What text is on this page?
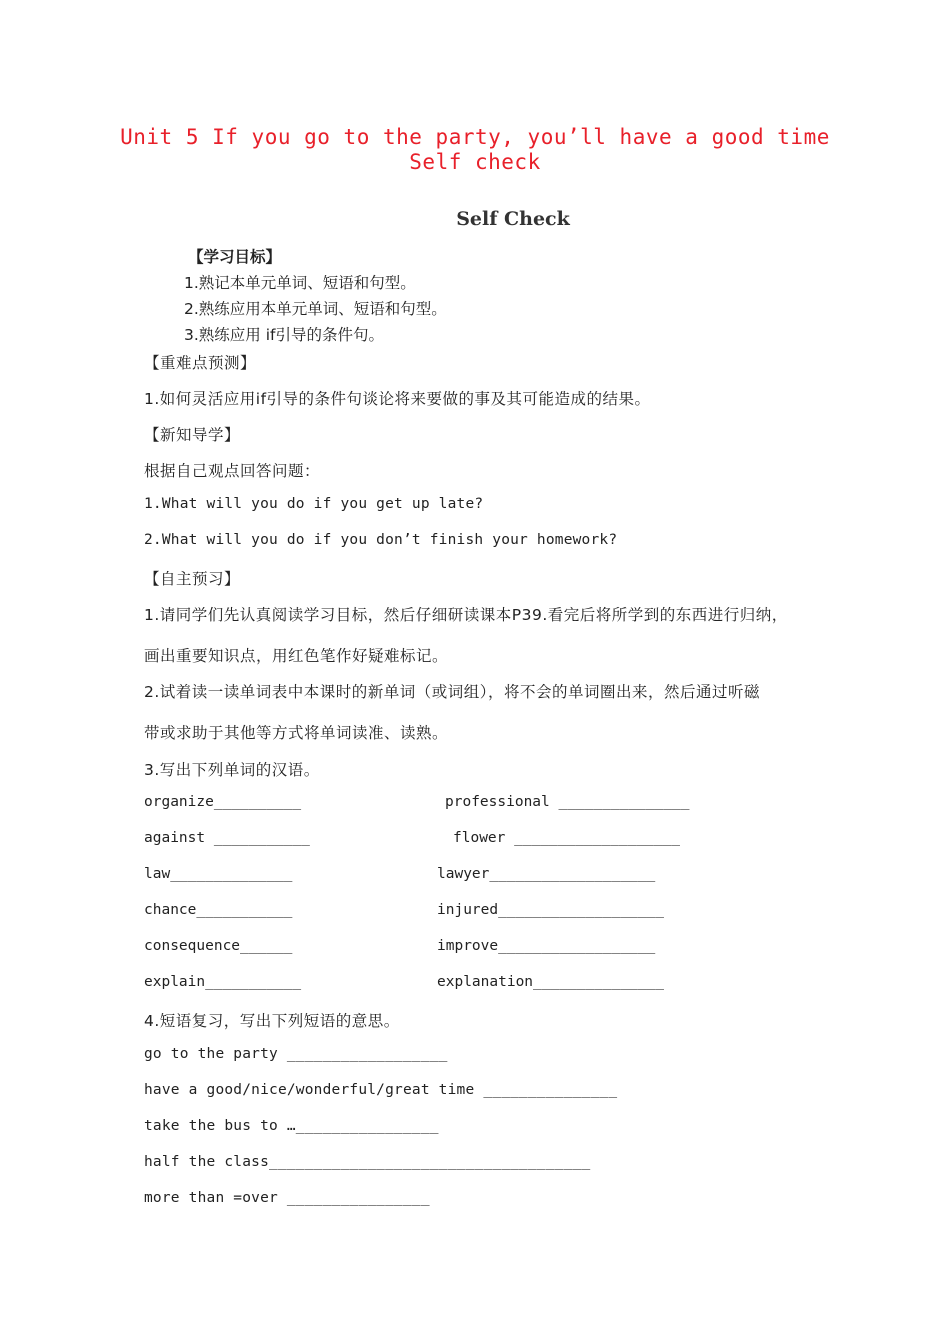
Unit 5 If you go to the party, you’ll have a good time
Self check
Self Check
【学习目标】
1.熟记本单元单词、短语和句型。
2.熟练应用本单元单词、短语和句型。
3.熟练应用 if引导的条件句。
【重难点预测】
1.如何灵活应用if引导的条件句谈论将来要做的事及其可能造成的结果。
【新知导学】
根据自己观点回答问题：
1.What will you do if you get up late?
2.What will you do if you don’t finish your homework?
【自主预习】
1.请同学们先认真阅读学习目标，然后仔细研读课本P39.看完后将所学到的东西进行归纳，
画出重要知识点，用红色笔作好疑难标记。
2.试着读一读单词表中本课时的新单词（或词组），将不会的单词圈出来，然后通过听磁
带或求助于其他等方式将单词读准、读熟。
3.写出下列单词的汉语。
organize__________	professional _______________
against ___________	flower ___________________
law______________	lawyer___________________
chance___________	injured___________________
consequence______	improve__________________
explain___________	explanation_______________
4.短语复习，写出下列短语的意思。
go to the party __________________
have a good/nice/wonderful/great time _______________
take the bus to …________________
half the class____________________________________
more than =over ________________
